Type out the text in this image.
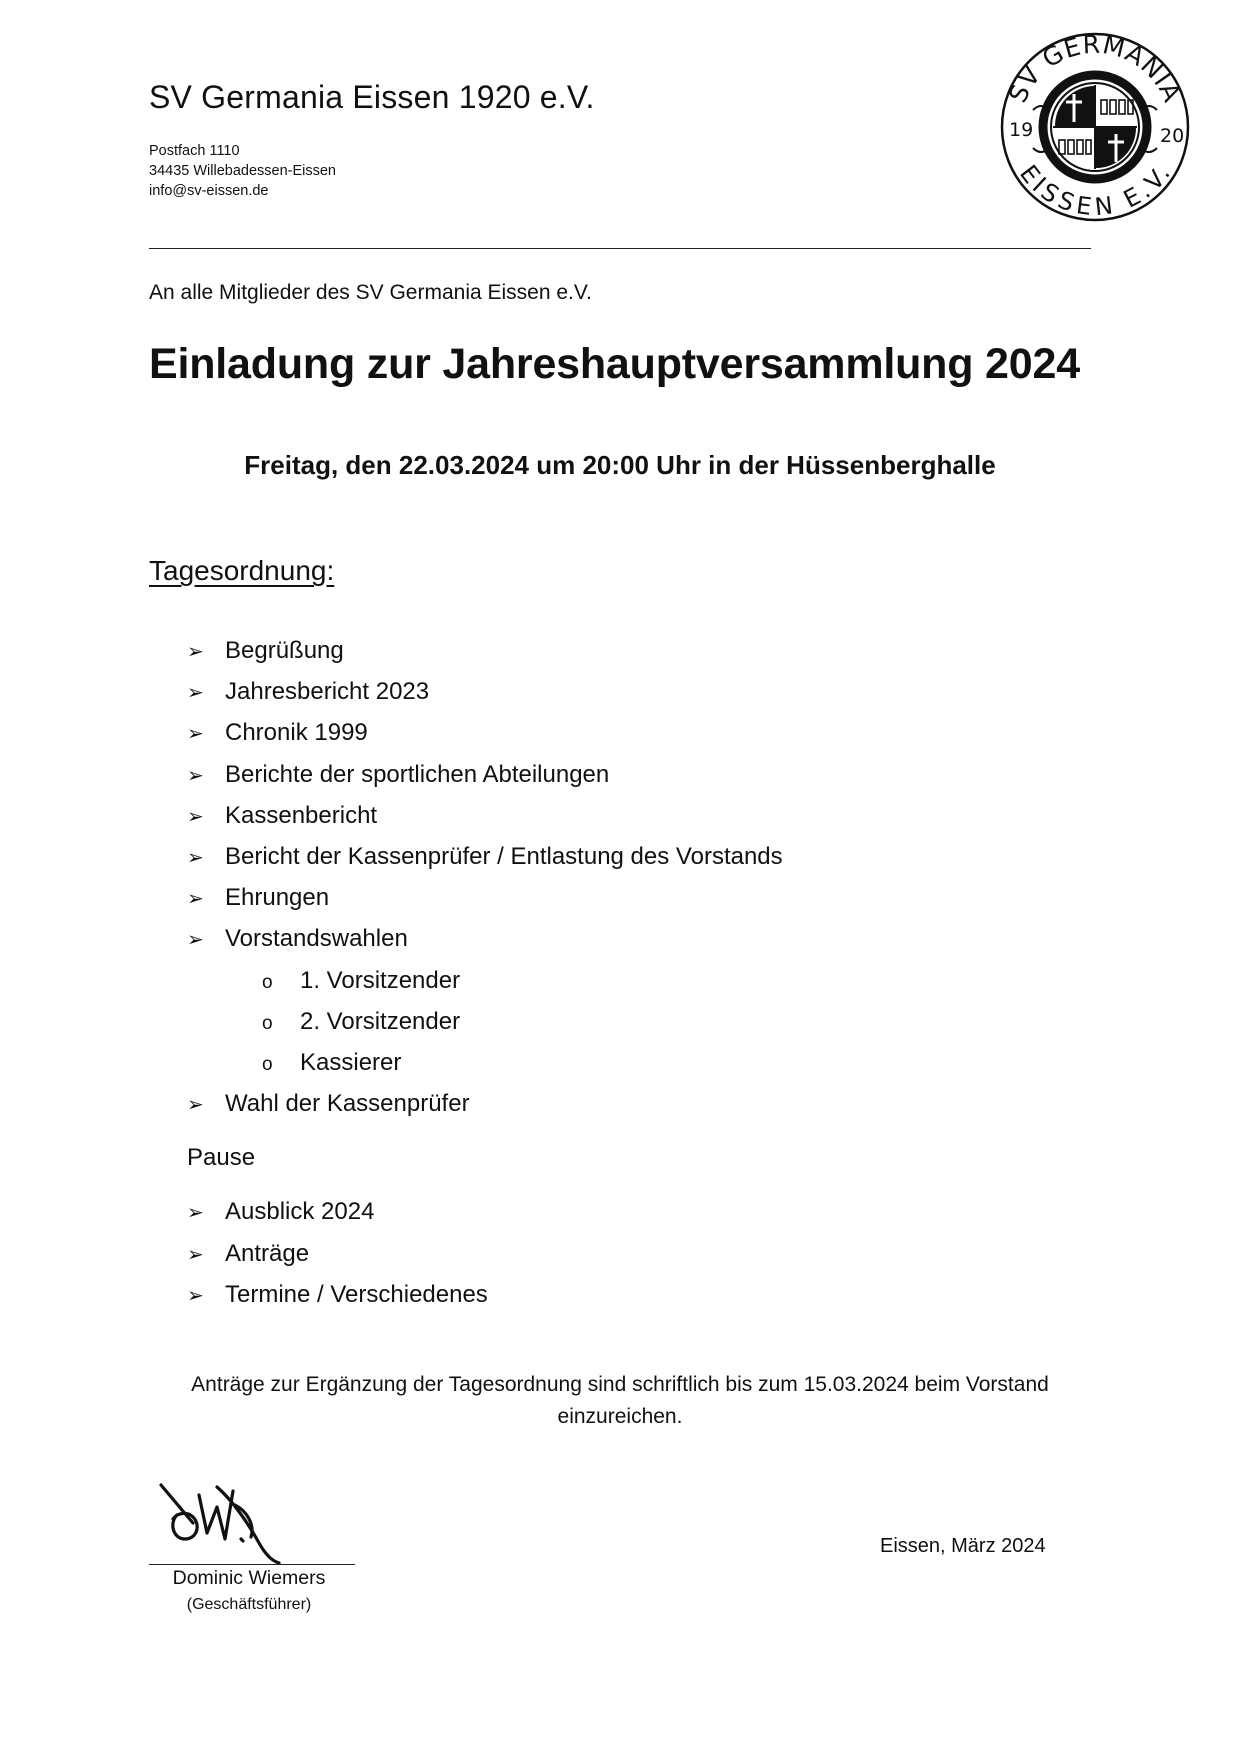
SV Germania Eissen 1920 e.V.
Postfach 1110
34435 Willebadessen-Eissen
info@sv-eissen.de
SV GERMANIA
EISSEN E.V.
19	20
An alle Mitglieder des SV Germania Eissen e.V.
Einladung zur Jahreshauptversammlung 2024
Freitag, den 22.03.2024 um 20:00 Uhr in der Hüssenberghalle
Tagesordnung:
➢ Begrüßung
➢ Jahresbericht 2023
➢ Chronik 1999
➢ Berichte der sportlichen Abteilungen
➢ Kassenbericht
➢ Bericht der Kassenprüfer / Entlastung des Vorstands
➢ Ehrungen
➢ Vorstandswahlen
o 1. Vorsitzender
o 2. Vorsitzender
o Kassierer
➢ Wahl der Kassenprüfer
Pause
➢ Ausblick 2024
➢ Anträge
➢ Termine / Verschiedenes
Anträge zur Ergänzung der Tagesordnung sind schriftlich bis zum 15.03.2024 beim Vorstand
einzureichen.
Dominic Wiemers
(Geschäftsführer)
Eissen, März 2024
